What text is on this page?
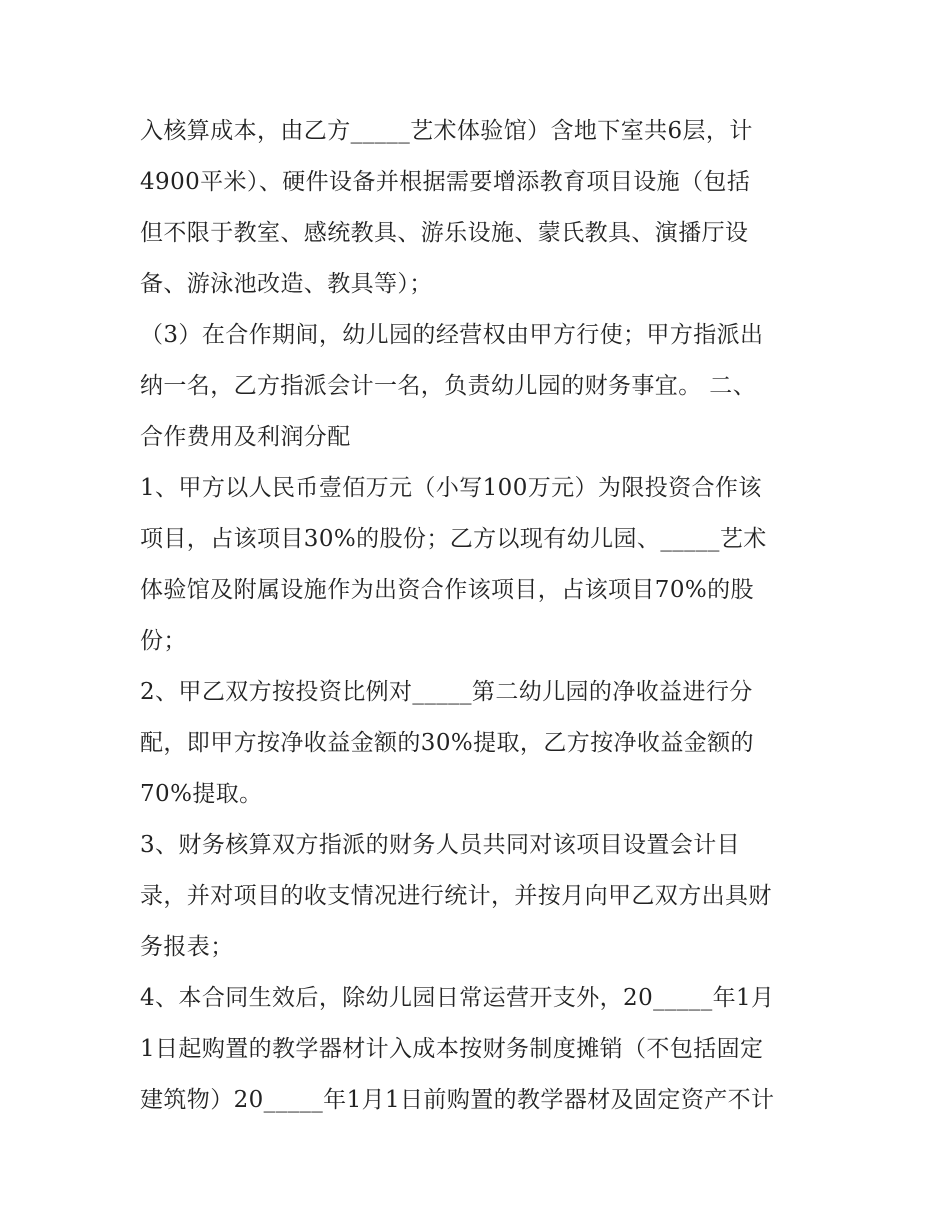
入核算成本，由乙方_____艺术体验馆）含地下室共6层，计
4900平米）、硬件设备并根据需要增添教育项目设施（包括
但不限于教室、感统教具、游乐设施、蒙氏教具、演播厅设
备、游泳池改造、教具等）；
（3）在合作期间，幼儿园的经营权由甲方行使；甲方指派出
纳一名，乙方指派会计一名，负责幼儿园的财务事宜。 二、
合作费用及利润分配
1、甲方以人民币壹佰万元（小写100万元）为限投资合作该
项目，占该项目30%的股份；乙方以现有幼儿园、_____艺术
体验馆及附属设施作为出资合作该项目，占该项目70%的股
份；
2、甲乙双方按投资比例对_____第二幼儿园的净收益进行分
配，即甲方按净收益金额的30%提取，乙方按净收益金额的
70%提取。
3、财务核算双方指派的财务人员共同对该项目设置会计目
录，并对项目的收支情况进行统计，并按月向甲乙双方出具财
务报表；
4、本合同生效后，除幼儿园日常运营开支外，20_____年1月
1日起购置的教学器材计入成本按财务制度摊销（不包括固定
建筑物）20_____年1月1日前购置的教学器材及固定资产不计
